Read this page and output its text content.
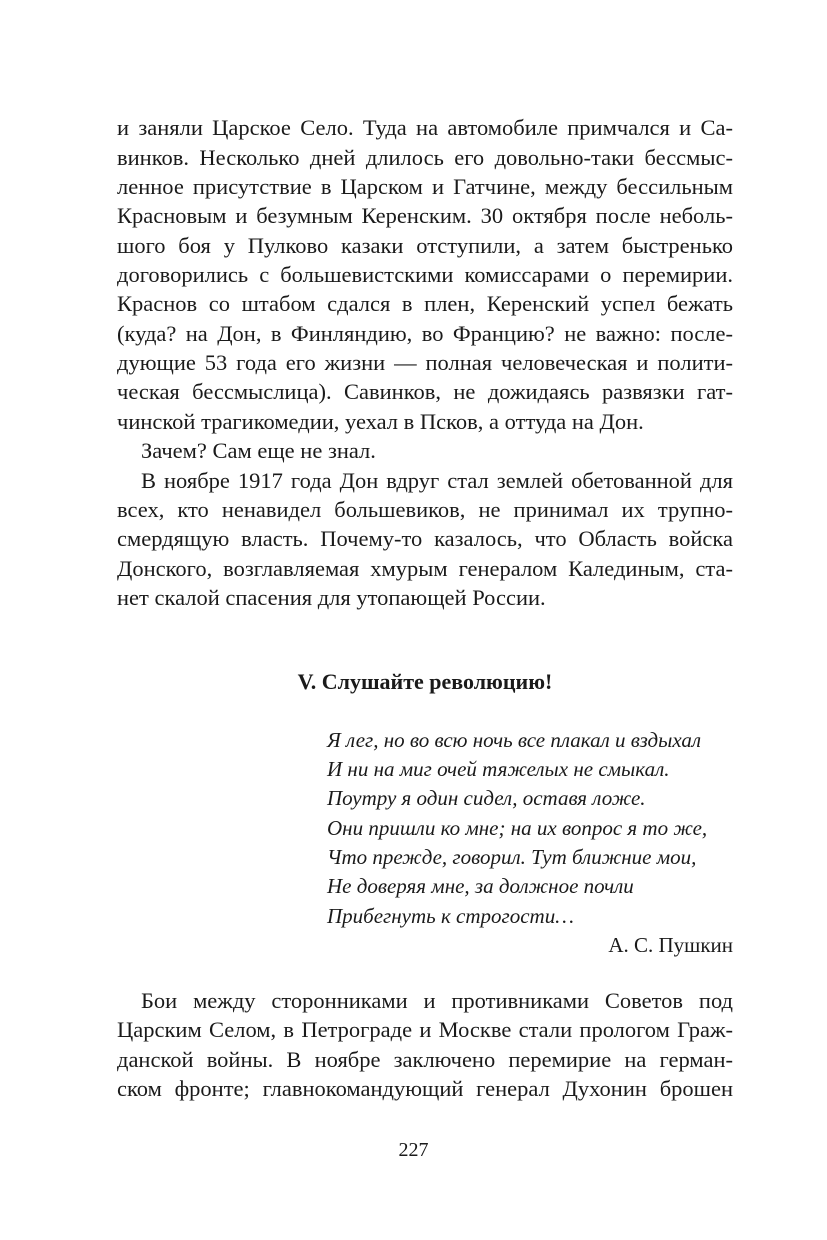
и заняли Царское Село. Туда на автомобиле примчался и Са-
винков. Несколько дней длилось его довольно-таки бессмыс-
ленное присутствие в Царском и Гатчине, между бессильным
Красновым и безумным Керенским. 30 октября после неболь-
шого боя у Пулково казаки отступили, а затем быстренько
договорились с большевистскими комиссарами о перемирии.
Краснов со штабом сдался в плен, Керенский успел бежать
(куда? на Дон, в Финляндию, во Францию? не важно: после-
дующие 53 года его жизни — полная человеческая и полити-
ческая бессмыслица). Савинков, не дожидаясь развязки гат-
чинской трагикомедии, уехал в Псков, а оттуда на Дон.
Зачем? Сам еще не знал.
В ноябре 1917 года Дон вдруг стал землей обетованной для
всех, кто ненавидел большевиков, не принимал их трупно-
смердящую власть. Почему-то казалось, что Область войска
Донского, возглавляемая хмурым генералом Калединым, ста-
нет скалой спасения для утопающей России.
V. Слушайте революцию!
Я лег, но во всю ночь все плакал и вздыхал
И ни на миг очей тяжелых не смыкал.
Поутру я один сидел, оставя ложе.
Они пришли ко мне; на их вопрос я то же,
Что прежде, говорил. Тут ближние мои,
Не доверяя мне, за должное почли
Прибегнуть к строгости…
А. С. Пушкин
Бои между сторонниками и противниками Советов под
Царским Селом, в Петрограде и Москве стали прологом Граж-
данской войны. В ноябре заключено перемирие на герман-
ском фронте; главнокомандующий генерал Духонин брошен
227
